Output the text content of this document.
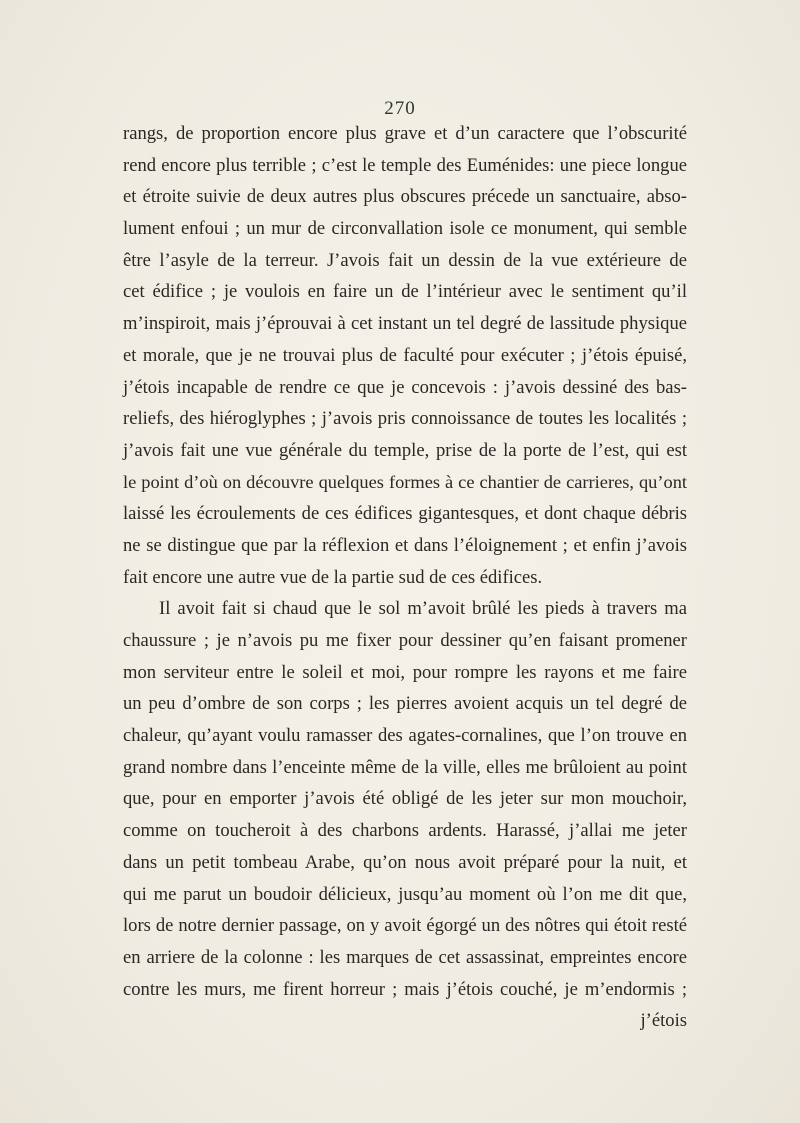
270
rangs, de proportion encore plus grave et d’un caractere que l’obscurité
rend encore plus terrible ; c’est le temple des Euménides: une piece longue
et étroite suivie de deux autres plus obscures précede un sanctuaire, abso-
lument enfoui ; un mur de circonvallation isole ce monument, qui semble
être l’asyle de la terreur. J’avois fait un dessin de la vue extérieure de
cet édifice ; je voulois en faire un de l’intérieur avec le sentiment qu’il
m’inspiroit, mais j’éprouvai à cet instant un tel degré de lassitude physique
et morale, que je ne trouvai plus de faculté pour exécuter ; j’étois épuisé,
j’étois incapable de rendre ce que je concevois : j’avois dessiné des bas-
reliefs, des hiéroglyphes ; j’avois pris connoissance de toutes les localités ;
j’avois fait une vue générale du temple, prise de la porte de l’est, qui est
le point d’où on découvre quelques formes à ce chantier de carrieres, qu’ont
laissé les écroulements de ces édifices gigantesques, et dont chaque débris
ne se distingue que par la réflexion et dans l’éloignement ; et enfin j’avois
fait encore une autre vue de la partie sud de ces édifices.
Il avoit fait si chaud que le sol m’avoit brûlé les pieds à travers ma
chaussure ; je n’avois pu me fixer pour dessiner qu’en faisant promener
mon serviteur entre le soleil et moi, pour rompre les rayons et me faire
un peu d’ombre de son corps ; les pierres avoient acquis un tel degré de
chaleur, qu’ayant voulu ramasser des agates-cornalines, que l’on trouve en
grand nombre dans l’enceinte même de la ville, elles me brûloient au point
que, pour en emporter j’avois été obligé de les jeter sur mon mouchoir,
comme on toucheroit à des charbons ardents. Harassé, j’allai me jeter
dans un petit tombeau Arabe, qu’on nous avoit préparé pour la nuit, et
qui me parut un boudoir délicieux, jusqu’au moment où l’on me dit que,
lors de notre dernier passage, on y avoit égorgé un des nôtres qui étoit resté
en arriere de la colonne : les marques de cet assassinat, empreintes encore
contre les murs, me firent horreur ; mais j’étois couché, je m’endormis ;
j’étois
